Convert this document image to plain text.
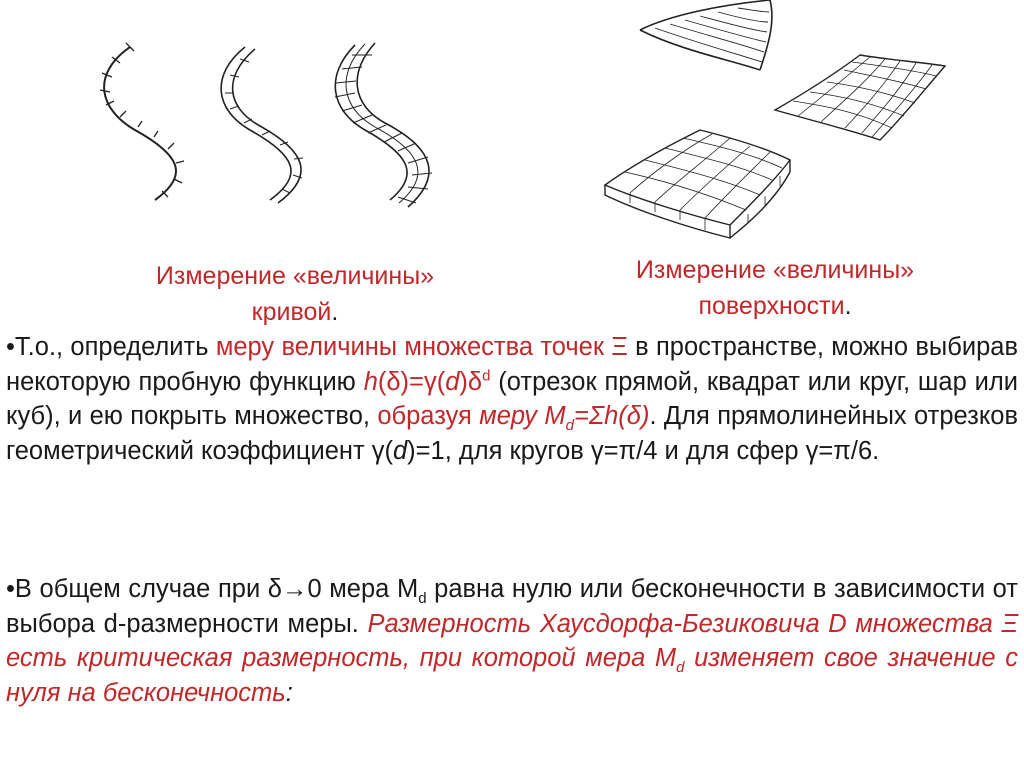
Измерение «величины»
кривой.
Измерение «величины»
поверхности.
•Т.о., определить меру величины множества точек Ξ в пространстве, можно выбирав некоторую пробную функцию $h(\delta)=\gamma(d)\delta^d$ (отрезок прямой, квадрат или круг, шар или куб), и ею покрыть множество, образуя меру $М_d=\Sigma h(\delta)$. Для прямолинейных отрезков геометрический коэффициент γ(d)=1, для кругов γ=π/4 и для сфер γ=π/6.
•В общем случае при δ→0 мера $М_d$ равна нулю или бесконечности в зависимости от выбора d-размерности меры. Размерность Хаусдорфа-Безиковича D множества Ξ есть критическая размерность, при которой мера $М_d$ изменяет свое значение с нуля на бесконечность:
